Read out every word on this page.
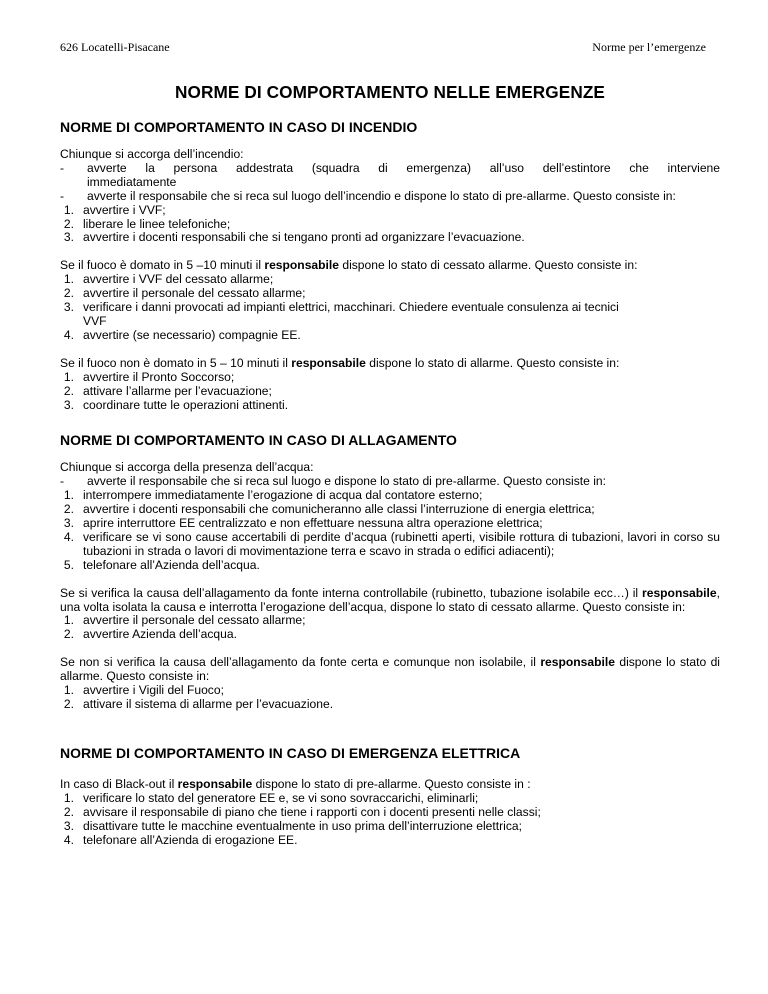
626 Locatelli-Pisacane	Norme per l’emergenze
NORME DI COMPORTAMENTO NELLE EMERGENZE
NORME DI COMPORTAMENTO IN CASO DI INCENDIO

Chiunque si accorga dell’incendio:

- avverte la persona addestrata (squadra di emergenza) all’uso dell’estintore che interviene
immediatamente
- avverte il responsabile che si reca sul luogo dell’incendio e dispone lo stato di pre-allarme. Questo consiste in:
1. avvertire i VVF;
2. liberare le linee telefoniche;
3. avvertire i docenti responsabili che si tengano pronti ad organizzare l’evacuazione.

Se il fuoco è domato in 5 –10 minuti il responsabile dispone lo stato di cessato allarme. Questo consiste in:

1. avvertire i VVF del cessato allarme;
2. avvertire il personale del cessato allarme;
3. verificare i danni provocati ad impianti elettrici, macchinari. Chiedere eventuale consulenza ai tecnici VVF
4. avvertire (se necessario) compagnie EE.

Se il fuoco non è domato in 5 – 10 minuti il responsabile dispone lo stato di allarme. Questo consiste in:

1. avvertire il Pronto Soccorso;
2. attivare l’allarme per l’evacuazione;
3. coordinare tutte le operazioni attinenti.
NORME DI COMPORTAMENTO IN CASO DI ALLAGAMENTO

Chiunque si accorga della presenza dell’acqua:

- avverte il responsabile che si reca sul luogo e dispone lo stato di pre-allarme. Questo consiste in:
1. interrompere immediatamente l’erogazione di acqua dal contatore esterno;
2. avvertire i docenti responsabili che comunicheranno alle classi l’interruzione di energia elettrica;
3. aprire interruttore EE centralizzato e non effettuare nessuna altra operazione elettrica;
4. verificare se vi sono cause accertabili di perdite d’acqua (rubinetti aperti, visibile rottura di tubazioni, lavori in corso su tubazioni in strada o lavori di movimentazione terra e scavo in strada o edifici adiacenti);
5. telefonare all’Azienda dell’acqua.

Se si verifica la causa dell’allagamento da fonte interna controllabile (rubinetto, tubazione isolabile ecc…) il responsabile, una volta isolata la causa e interrotta l’erogazione dell’acqua, dispone lo stato di cessato allarme. Questo consiste in:

1. avvertire il personale del cessato allarme;
2. avvertire Azienda dell’acqua.

Se non si verifica la causa dell’allagamento da fonte certa e comunque non isolabile, il responsabile dispone lo stato di allarme. Questo consiste in:

1. avvertire i Vigili del Fuoco;
2. attivare il sistema di allarme per l’evacuazione.
NORME DI COMPORTAMENTO IN CASO DI EMERGENZA ELETTRICA

In caso di Black-out il responsabile dispone lo stato di pre-allarme. Questo consiste in :

1. verificare lo stato del generatore EE e, se vi sono sovraccarichi, eliminarli;
2. avvisare il responsabile di piano che tiene i rapporti con i docenti presenti nelle classi;
3. disattivare tutte le macchine eventualmente in uso prima dell’interruzione elettrica;
4. telefonare all’Azienda di erogazione EE.
